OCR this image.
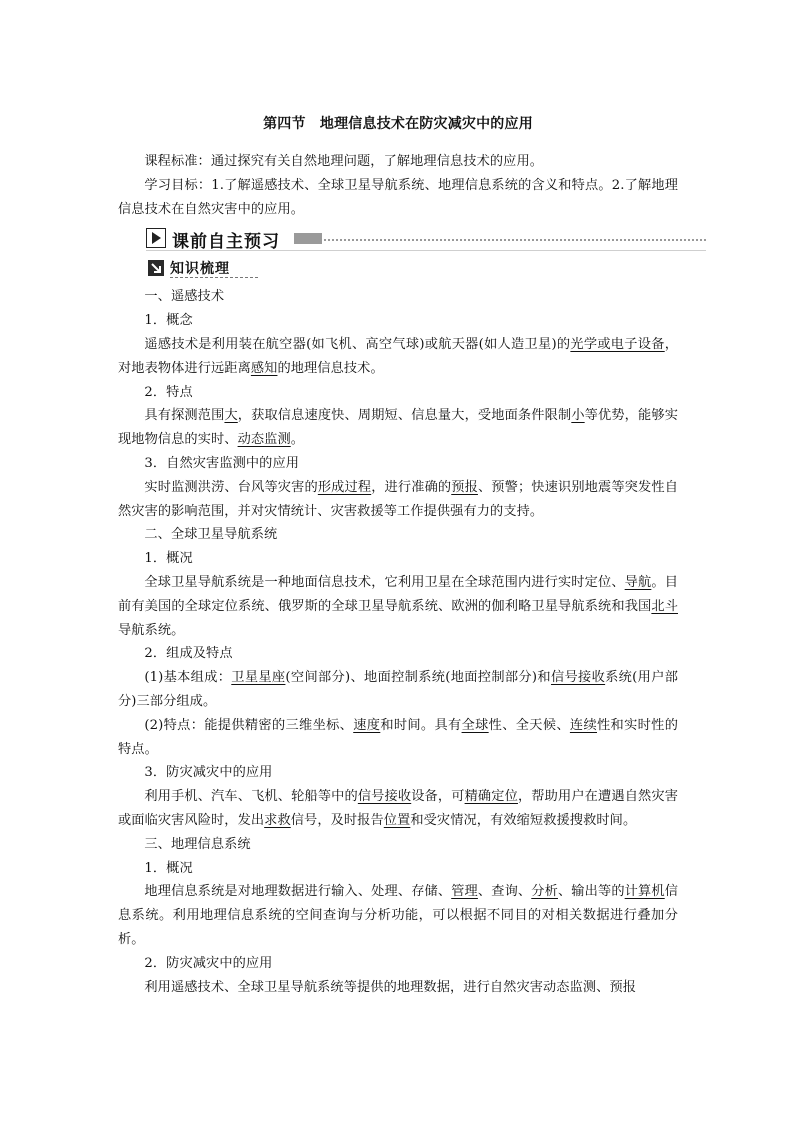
第四节　地理信息技术在防灾减灾中的应用

课程标准：通过探究有关自然地理问题，了解地理信息技术的应用。

学习目标：1.了解遥感技术、全球卫星导航系统、地理信息系统的含义和特点。2.了解地理信息技术在自然灾害中的应用。

课前自主预习
知识梳理

一、遥感技术

1．概念

遥感技术是利用装在航空器(如飞机、高空气球)或航天器(如人造卫星)的光学或电子设备，对地表物体进行远距离感知的地理信息技术。

2．特点

具有探测范围大，获取信息速度快、周期短、信息量大，受地面条件限制小等优势，能够实现地物信息的实时、动态监测。

3．自然灾害监测中的应用

实时监测洪涝、台风等灾害的形成过程，进行准确的预报、预警；快速识别地震等突发性自然灾害的影响范围，并对灾情统计、灾害救援等工作提供强有力的支持。

二、全球卫星导航系统

1．概况

全球卫星导航系统是一种地面信息技术，它利用卫星在全球范围内进行实时定位、导航。目前有美国的全球定位系统、俄罗斯的全球卫星导航系统、欧洲的伽利略卫星导航系统和我国北斗导航系统。

2．组成及特点

(1)基本组成：卫星星座(空间部分)、地面控制系统(地面控制部分)和信号接收系统(用户部分)三部分组成。

(2)特点：能提供精密的三维坐标、速度和时间。具有全球性、全天候、连续性和实时性的特点。

3．防灾减灾中的应用

利用手机、汽车、飞机、轮船等中的信号接收设备，可精确定位，帮助用户在遭遇自然灾害或面临灾害风险时，发出求救信号，及时报告位置和受灾情况，有效缩短救援搜救时间。

三、地理信息系统

1．概况

地理信息系统是对地理数据进行输入、处理、存储、管理、查询、分析、输出等的计算机信息系统。利用地理信息系统的空间查询与分析功能，可以根据不同目的对相关数据进行叠加分析。

2．防灾减灾中的应用

利用遥感技术、全球卫星导航系统等提供的地理数据，进行自然灾害动态监测、预报
